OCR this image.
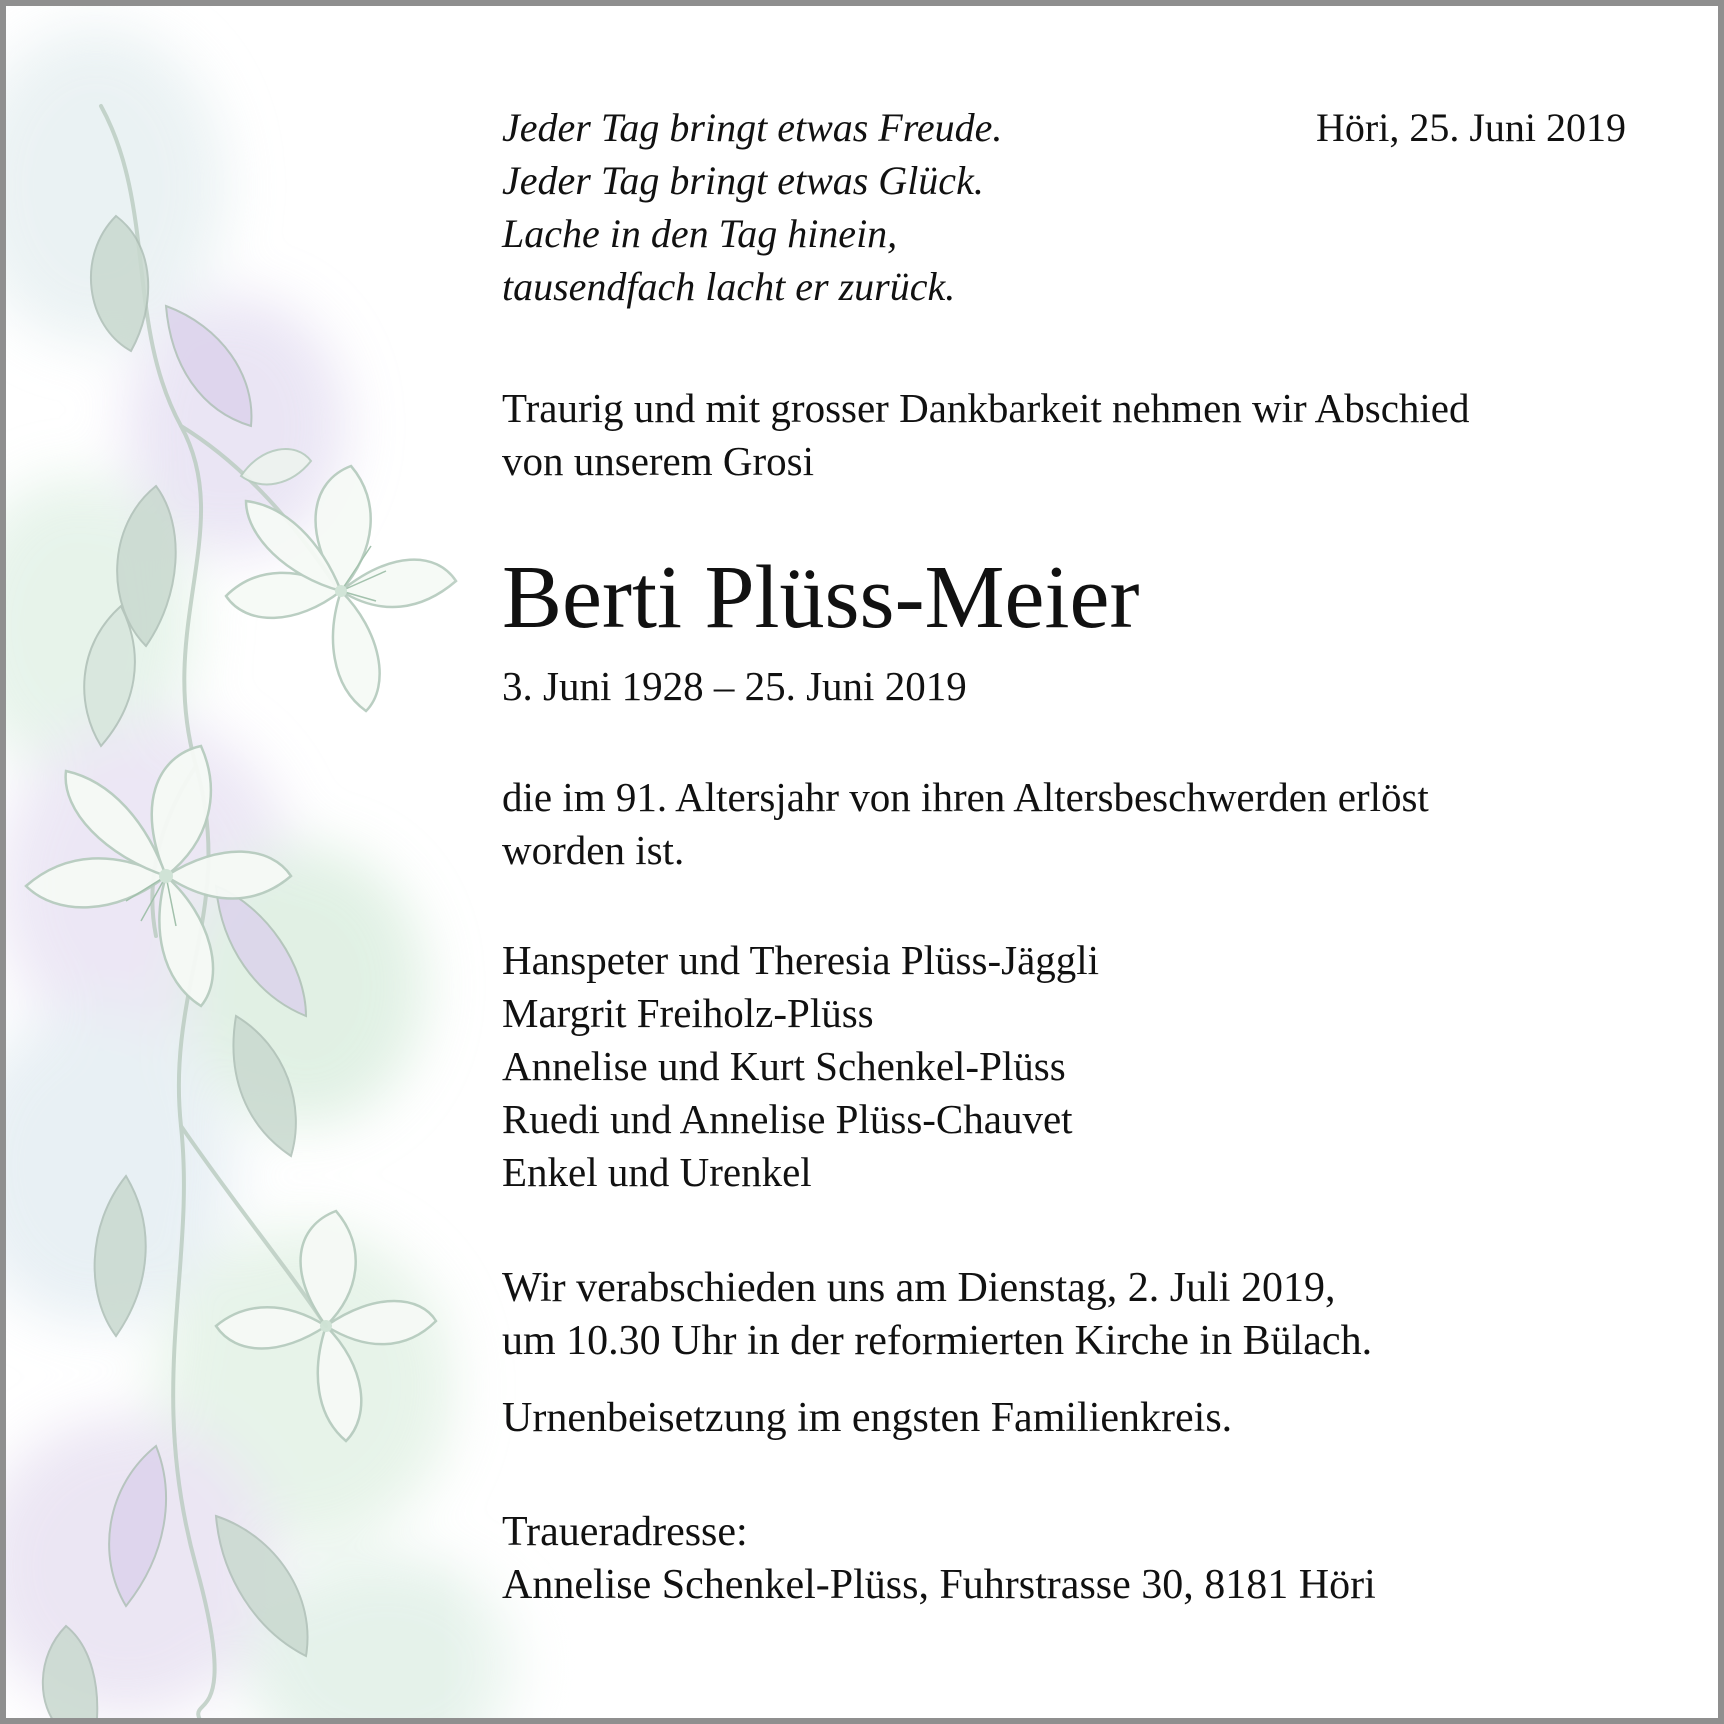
Jeder Tag bringt etwas Freude.
Jeder Tag bringt etwas Glück.
Lache in den Tag hinein,
tausendfach lacht er zurück.
Höri, 25. Juni 2019
Traurig und mit grosser Dankbarkeit nehmen wir Abschied
von unserem Grosi
Berti Plüss-Meier
3. Juni 1928 – 25. Juni 2019
die im 91. Altersjahr von ihren Altersbeschwerden erlöst
worden ist.
Hanspeter und Theresia Plüss-Jäggli
Margrit Freiholz-Plüss
Annelise und Kurt Schenkel-Plüss
Ruedi und Annelise Plüss-Chauvet
Enkel und Urenkel
Wir verabschieden uns am Dienstag, 2. Juli 2019,
um 10.30 Uhr in der reformierten Kirche in Bülach.
Urnenbeisetzung im engsten Familienkreis.
Traueradresse:
Annelise Schenkel-Plüss, Fuhrstrasse 30, 8181 Höri
